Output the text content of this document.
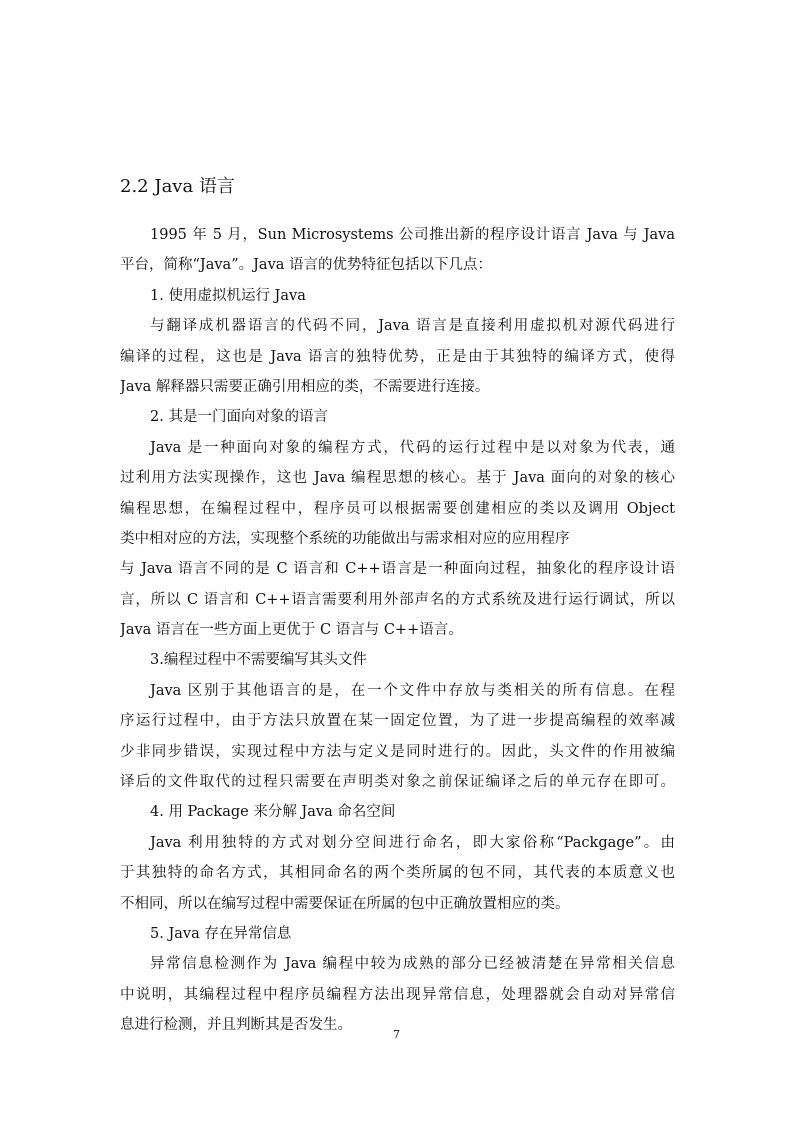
2.2 Java 语言
1995 年 5 月，Sun Microsystems 公司推出新的程序设计语言 Java 与 Java
平台，简称“Java”。Java 语言的优势特征包括以下几点：
1. 使用虚拟机运行 Java
与翻译成机器语言的代码不同，Java 语言是直接利用虚拟机对源代码进行
编译的过程，这也是 Java 语言的独特优势，正是由于其独特的编译方式，使得
Java 解释器只需要正确引用相应的类，不需要进行连接。
2. 其是一门面向对象的语言
Java 是一种面向对象的编程方式，代码的运行过程中是以对象为代表，通
过利用方法实现操作，这也 Java 编程思想的核心。基于 Java 面向的对象的核心
编程思想，在编程过程中，程序员可以根据需要创建相应的类以及调用 Object
类中相对应的方法，实现整个系统的功能做出与需求相对应的应用程序
与 Java 语言不同的是 C 语言和 C++语言是一种面向过程，抽象化的程序设计语
言，所以 C 语言和 C++语言需要利用外部声名的方式系统及进行运行调试，所以
Java 语言在一些方面上更优于 C 语言与 C++语言。
3.编程过程中不需要编写其头文件
Java 区别于其他语言的是，在一个文件中存放与类相关的所有信息。在程
序运行过程中，由于方法只放置在某一固定位置，为了进一步提高编程的效率减
少非同步错误，实现过程中方法与定义是同时进行的。因此，头文件的作用被编
译后的文件取代的过程只需要在声明类对象之前保证编译之后的单元存在即可。
4. 用 Package 来分解 Java 命名空间
Java 利用独特的方式对划分空间进行命名，即大家俗称“Packgage”。由
于其独特的命名方式，其相同命名的两个类所属的包不同，其代表的本质意义也
不相同，所以在编写过程中需要保证在所属的包中正确放置相应的类。
5. Java 存在异常信息
异常信息检测作为 Java 编程中较为成熟的部分已经被清楚在异常相关信息
中说明，其编程过程中程序员编程方法出现异常信息，处理器就会自动对异常信
息进行检测，并且判断其是否发生。
7
